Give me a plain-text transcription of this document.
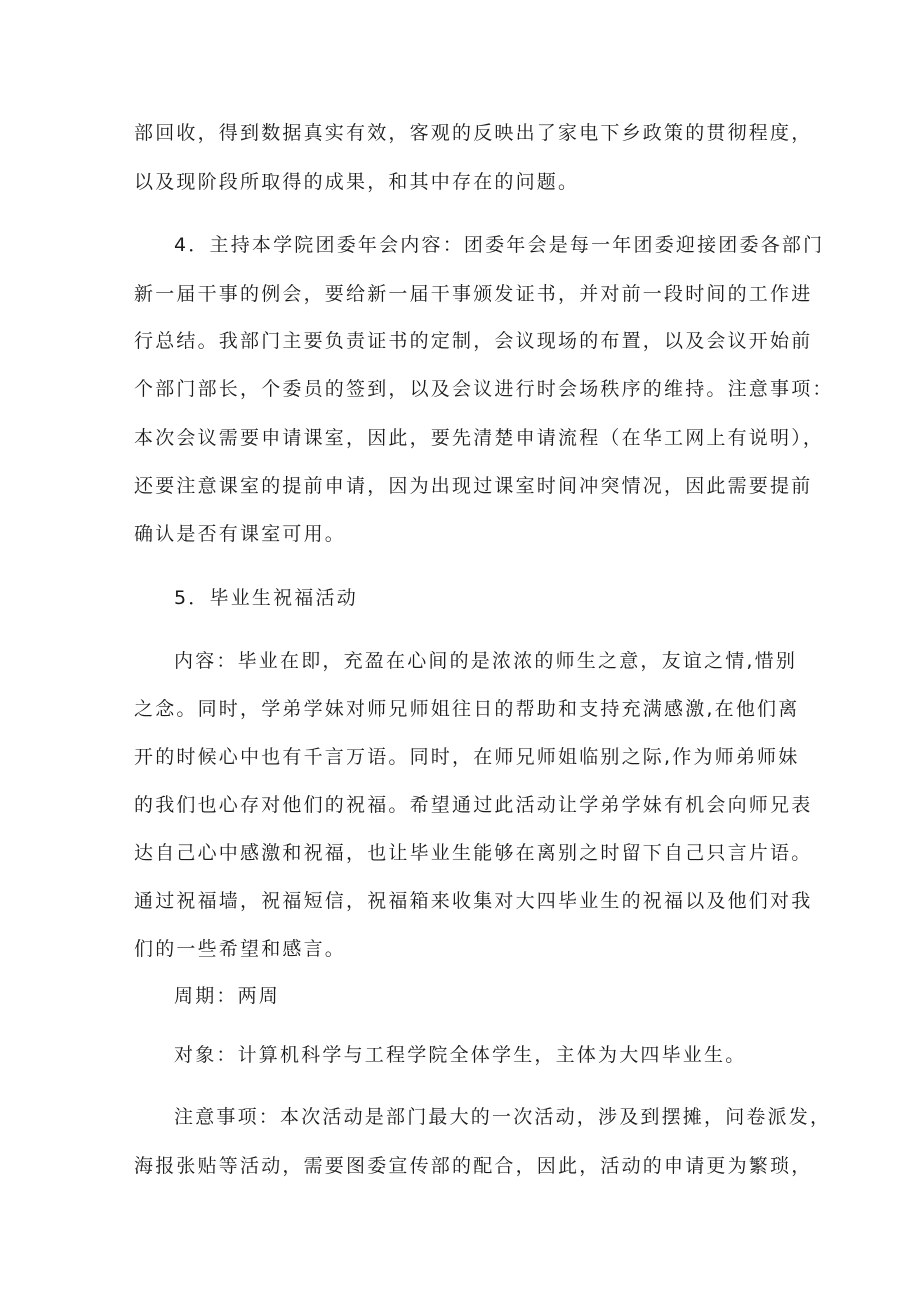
部回收，得到数据真实有效，客观的反映出了家电下乡政策的贯彻程度，
以及现阶段所取得的成果，和其中存在的问题。
4．主持本学院团委年会内容：团委年会是每一年团委迎接团委各部门
新一届干事的例会，要给新一届干事颁发证书，并对前一段时间的工作进
行总结。我部门主要负责证书的定制，会议现场的布置，以及会议开始前
个部门部长，个委员的签到，以及会议进行时会场秩序的维持。注意事项：
本次会议需要申请课室，因此，要先清楚申请流程（在华工网上有说明），
还要注意课室的提前申请，因为出现过课室时间冲突情况，因此需要提前
确认是否有课室可用。
5．毕业生祝福活动
内容：毕业在即，充盈在心间的是浓浓的师生之意，友谊之情,惜别
之念。同时，学弟学妹对师兄师姐往日的帮助和支持充满感激,在他们离
开的时候心中也有千言万语。同时，在师兄师姐临别之际,作为师弟师妹
的我们也心存对他们的祝福。希望通过此活动让学弟学妹有机会向师兄表
达自己心中感激和祝福，也让毕业生能够在离别之时留下自己只言片语。
通过祝福墙，祝福短信，祝福箱来收集对大四毕业生的祝福以及他们对我
们的一些希望和感言。
周期：两周
对象：计算机科学与工程学院全体学生，主体为大四毕业生。
注意事项：本次活动是部门最大的一次活动，涉及到摆摊，问卷派发，
海报张贴等活动，需要图委宣传部的配合，因此，活动的申请更为繁琐，
